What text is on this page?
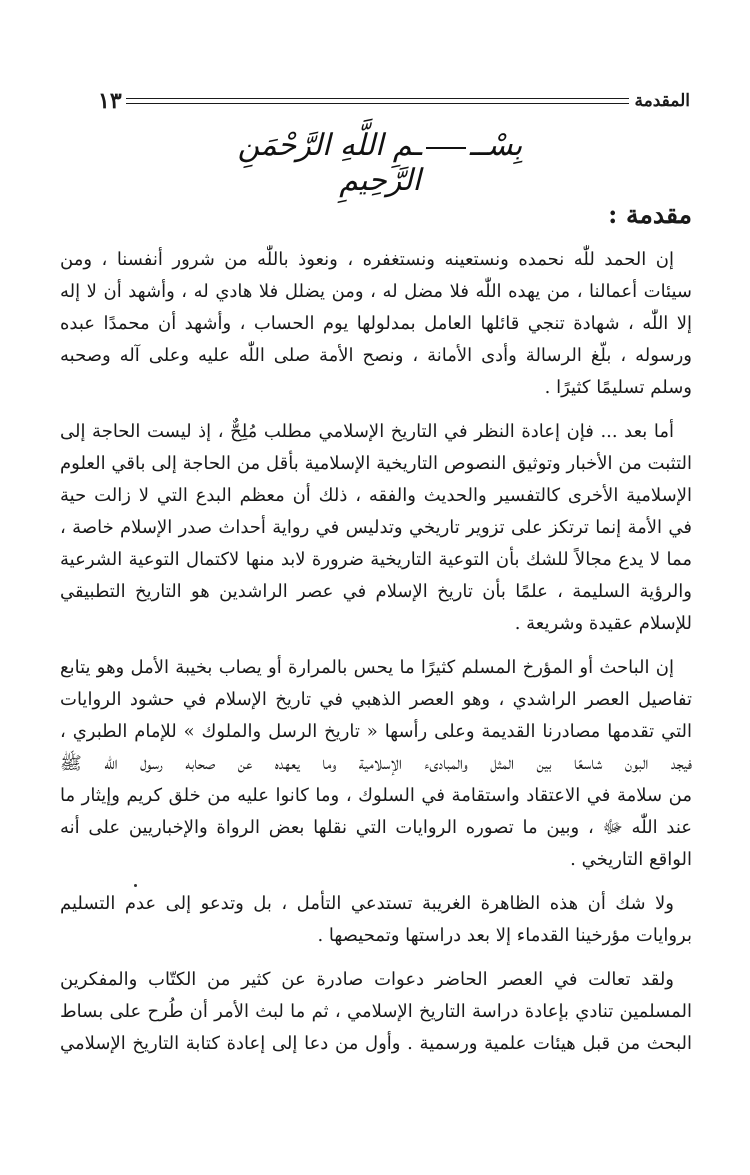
المقدمة
١٣
بِسْـــمِ اللَّهِ الرَّحْمَنِ الرَّحِيمِ
مقدمة :
إن الحمد للّٰه نحمده ونستعينه ونستغفره ، ونعوذ باللّٰه من شرور أنفسنا ، ومن
سيئات أعمالنا ، من يهده اللّٰه فلا مضل له ، ومن يضلل فلا هادي له ، وأشهد أن لا إله
إلا اللّٰه ، شهادة تنجي قائلها العامل بمدلولها يوم الحساب ، وأشهد أن محمدًا عبده
ورسوله ، بلّغ الرسالة وأدى الأمانة ، ونصح الأمة صلى اللّٰه عليه وعلى آله وصحبه
وسلم تسليمًا كثيرًا .
أما بعد ... فإن إعادة النظر في التاريخ الإسلامي مطلب مُلِحٌّ ، إذ ليست الحاجة إلى
التثبت من الأخبار وتوثيق النصوص التاريخية الإسلامية بأقل من الحاجة إلى باقي العلوم
الإسلامية الأخرى كالتفسير والحديث والفقه ، ذلك أن معظم البدع التي لا زالت حية
في الأمة إنما ترتكز على تزوير تاريخي وتدليس في رواية أحداث صدر الإسلام خاصة ،
مما لا يدع مجالاً للشك بأن التوعية التاريخية ضرورة لابد منها لاكتمال التوعية الشرعية
والرؤية السليمة ، علمًا بأن تاريخ الإسلام في عصر الراشدين هو التاريخ التطبيقي
للإسلام عقيدة وشريعة .
إن الباحث أو المؤرخ المسلم كثيرًا ما يحس بالمرارة أو يصاب بخيبة الأمل وهو يتابع
تفاصيل العصر الراشدي ، وهو العصر الذهبي في تاريخ الإسلام في حشود الروايات
التي تقدمها مصادرنا القديمة وعلى رأسها « تاريخ الرسل والملوك » للإمام الطبري ،
فيجد البون شاسعًا بين المثل والمبادىء الإسلامية وما يعهده عن صحابه رسول اللّٰه ﷺ
من سلامة في الاعتقاد واستقامة في السلوك ، وما كانوا عليه من خلق كريم وإيثار ما
عند اللّٰه ﷻ ، وبين ما تصوره الروايات التي نقلها بعض الرواة والإخباريين على أنه
الواقع التاريخي .
ولا شك أن هذه الظاهرة الغريبة تستدعي التأمل ، بل وتدعو إلى عدم التسليم
بروايات مؤرخينا القدماء إلا بعد دراستها وتمحيصها .
ولقد تعالت في العصر الحاضر دعوات صادرة عن كثير من الكتّاب والمفكرين
المسلمين تنادي بإعادة دراسة التاريخ الإسلامي ، ثم ما لبث الأمر أن طُرح على بساط
البحث من قبل هيئات علمية ورسمية . وأول من دعا إلى إعادة كتابة التاريخ الإسلامي
